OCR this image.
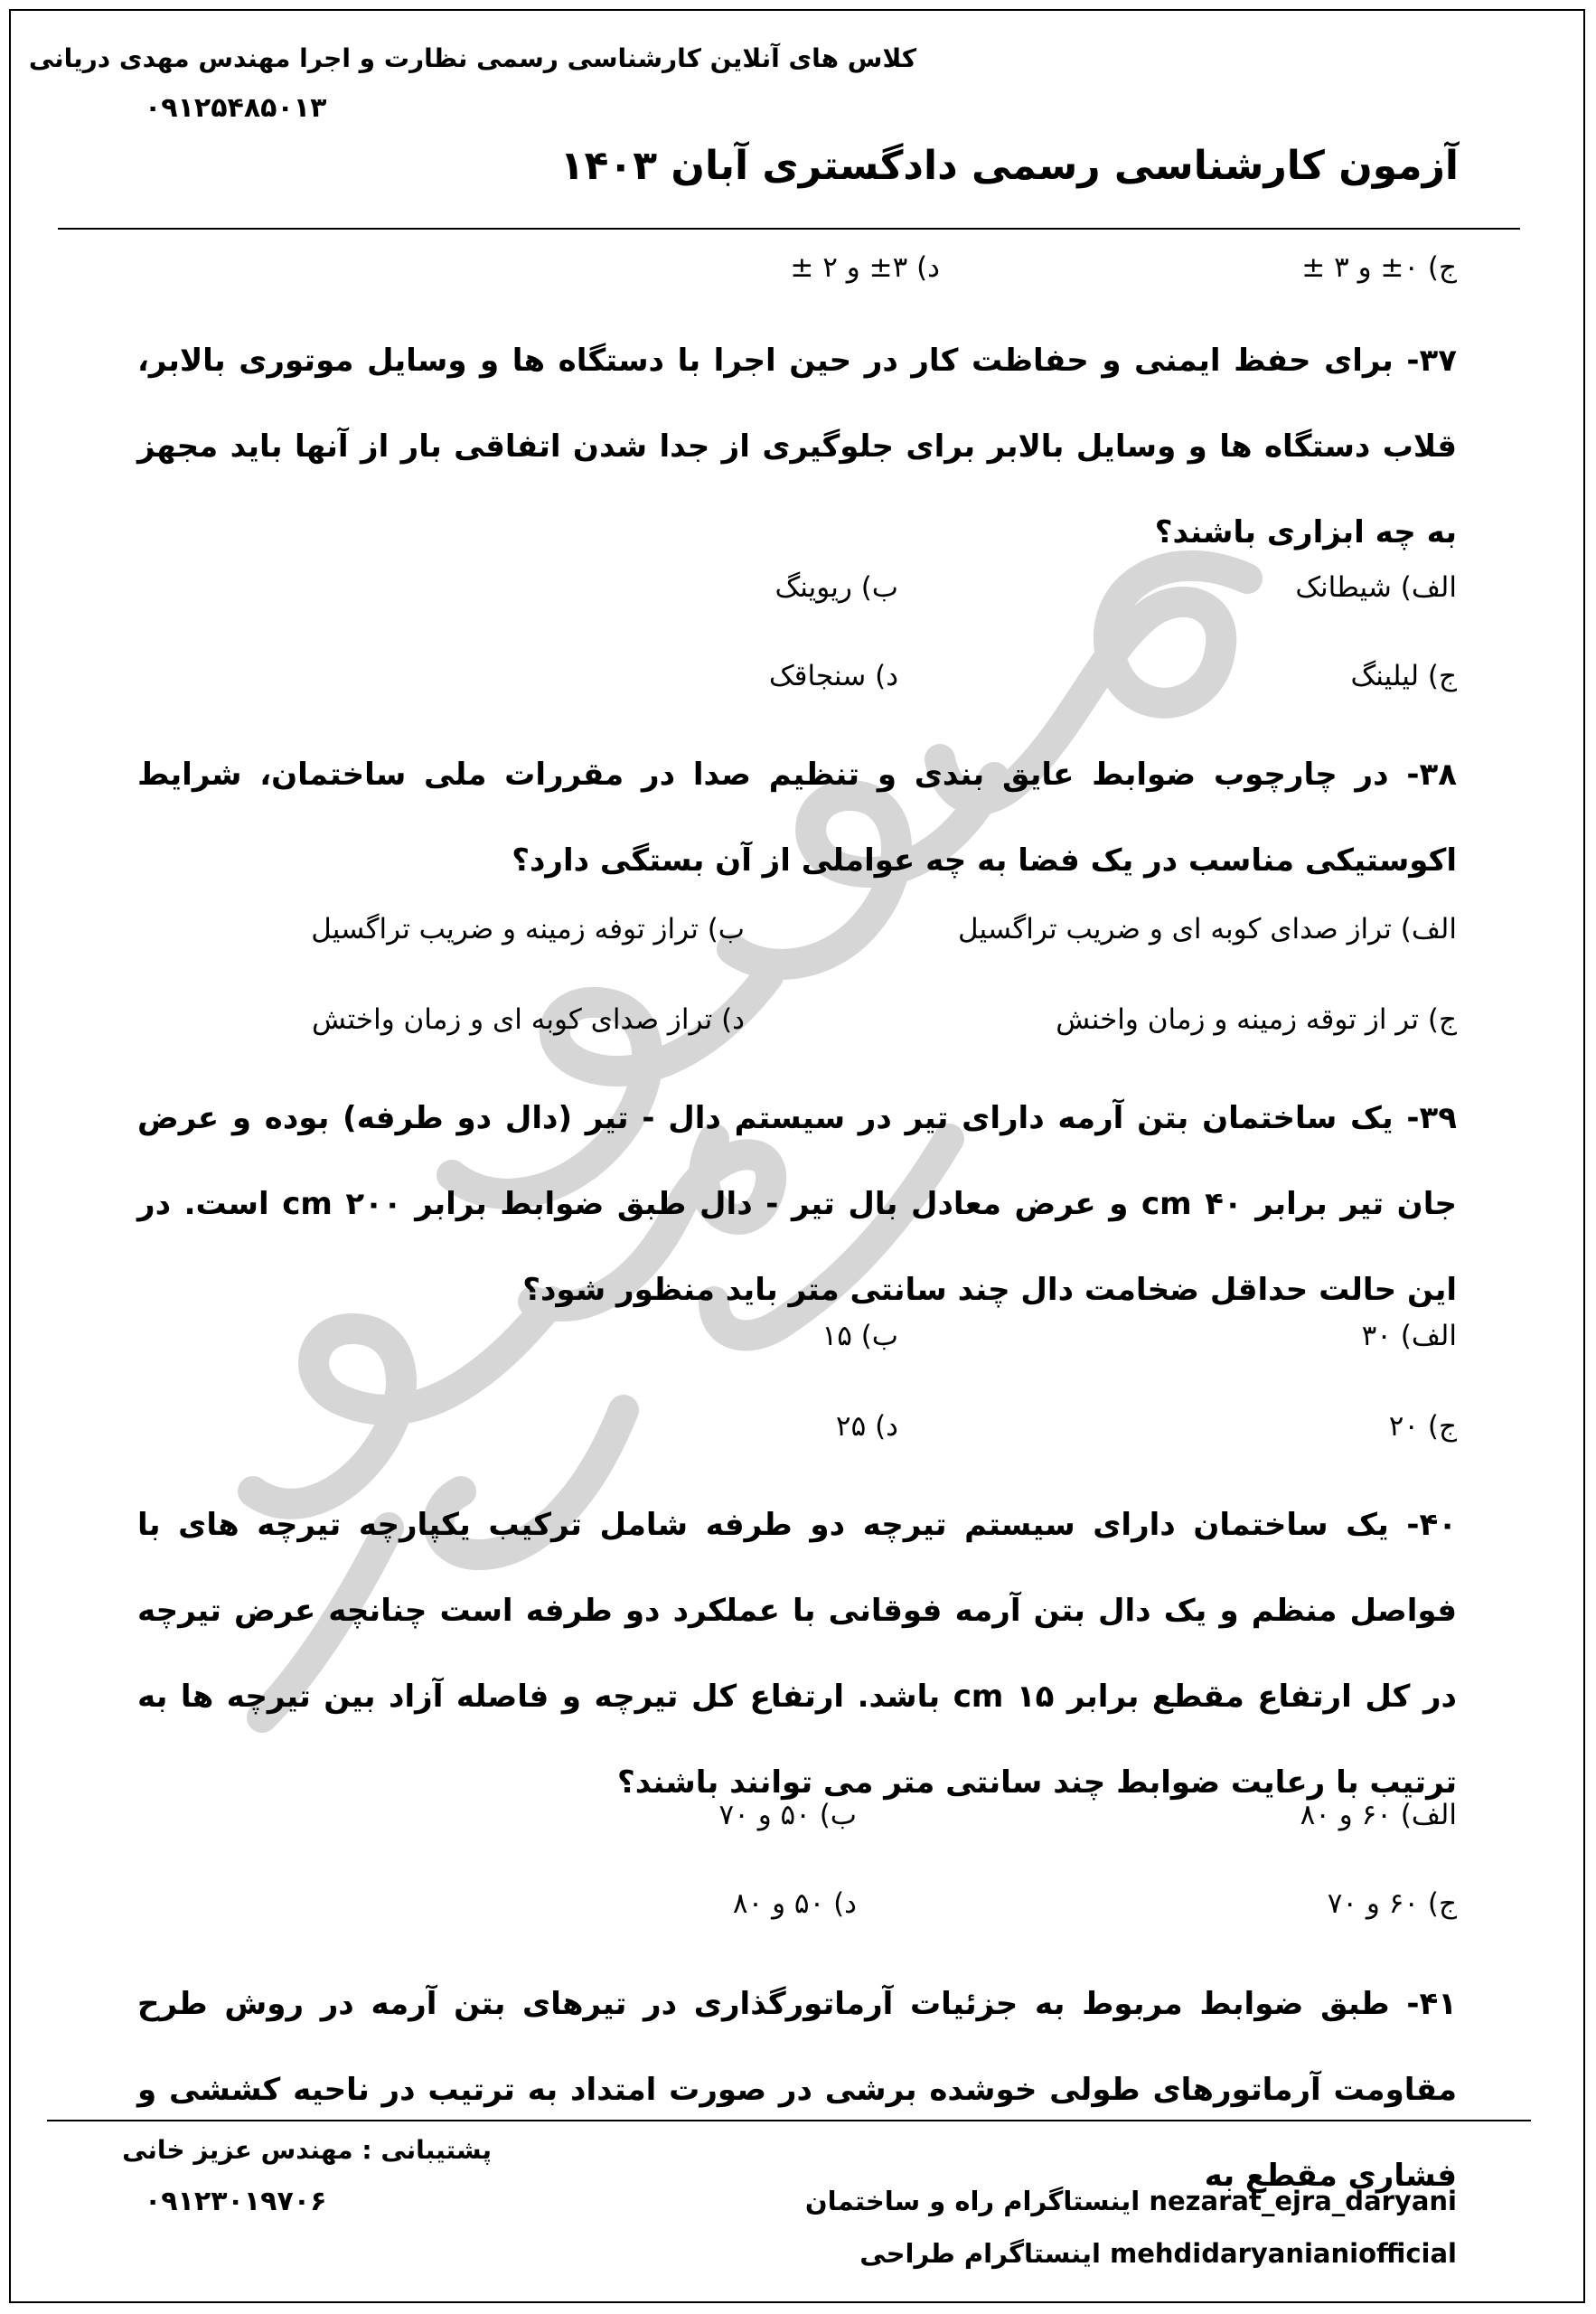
کلاس های آنلاین کارشناسی رسمی نظارت و اجرا مهندس مهدی دریانی
۰۹۱۲۵۴۸۵۰۱۳
آزمون کارشناسی رسمی دادگستری آبان ۱۴۰۳
ج) ۰± و ۳ ±
د) ۳± و ۲ ±
۳۷- برای حفظ ایمنی و حفاظت کار در حین اجرا با دستگاه ها و وسایل موتوری بالابر، قلاب دستگاه ها و وسایل بالابر برای جلوگیری از جدا شدن اتفاقی بار از آنها باید مجهز به چه ابزاری باشند؟
الف) شیطانک
ب) ریوینگ
ج) لیلینگ
د) سنجاقک
۳۸- در چارچوب ضوابط عایق بندی و تنظیم صدا در مقررات ملی ساختمان، شرایط اکوستیکی مناسب در یک فضا به چه عواملی از آن بستگی دارد؟
الف) تراز صدای کوبه ای و ضریب تراگسیل
ب) تراز توفه زمینه و ضریب تراگسیل
ج) تر از توقه زمینه و زمان واخنش
د) تراز صدای کوبه ای و زمان واختش
۳۹- یک ساختمان بتن آرمه دارای تیر در سیستم دال - تیر (دال دو طرفه) بوده و عرض جان تیر برابر cm ۴۰ و عرض معادل بال تیر - دال طبق ضوابط برابر cm ۲۰۰ است. در این حالت حداقل ضخامت دال چند سانتی متر باید منظور شود؟
الف) ۳۰
ب) ۱۵
ج) ۲۰
د) ۲۵
۴۰- یک ساختمان دارای سیستم تیرچه دو طرفه شامل ترکیب یکپارچه تیرچه های با فواصل منظم و یک دال بتن آرمه فوقانی با عملکرد دو طرفه است چنانچه عرض تیرچه در کل ارتفاع مقطع برابر cm ۱۵ باشد. ارتفاع کل تیرچه و فاصله آزاد بین تیرچه ها به ترتیب با رعایت ضوابط چند سانتی متر می توانند باشند؟
الف) ۶۰ و ۸۰
ب) ۵۰ و ۷۰
ج) ۶۰ و ۷۰
د) ۵۰ و ۸۰
۴۱- طبق ضوابط مربوط به جزئیات آرماتورگذاری در تیرهای بتن آرمه در روش طرح مقاومت آرماتورهای طولی خوشده برشی در صورت امتداد به ترتیب در ناحیه کششی و فشاری مقطع به
پشتیبانی : مهندس عزیز خانی
۰۹۱۲۳۰۱۹۷۰۶	nezarat_ejra_daryani اینستاگرام راه و ساختمان
mehdidaryanianiofficial اینستاگرام طراحی
